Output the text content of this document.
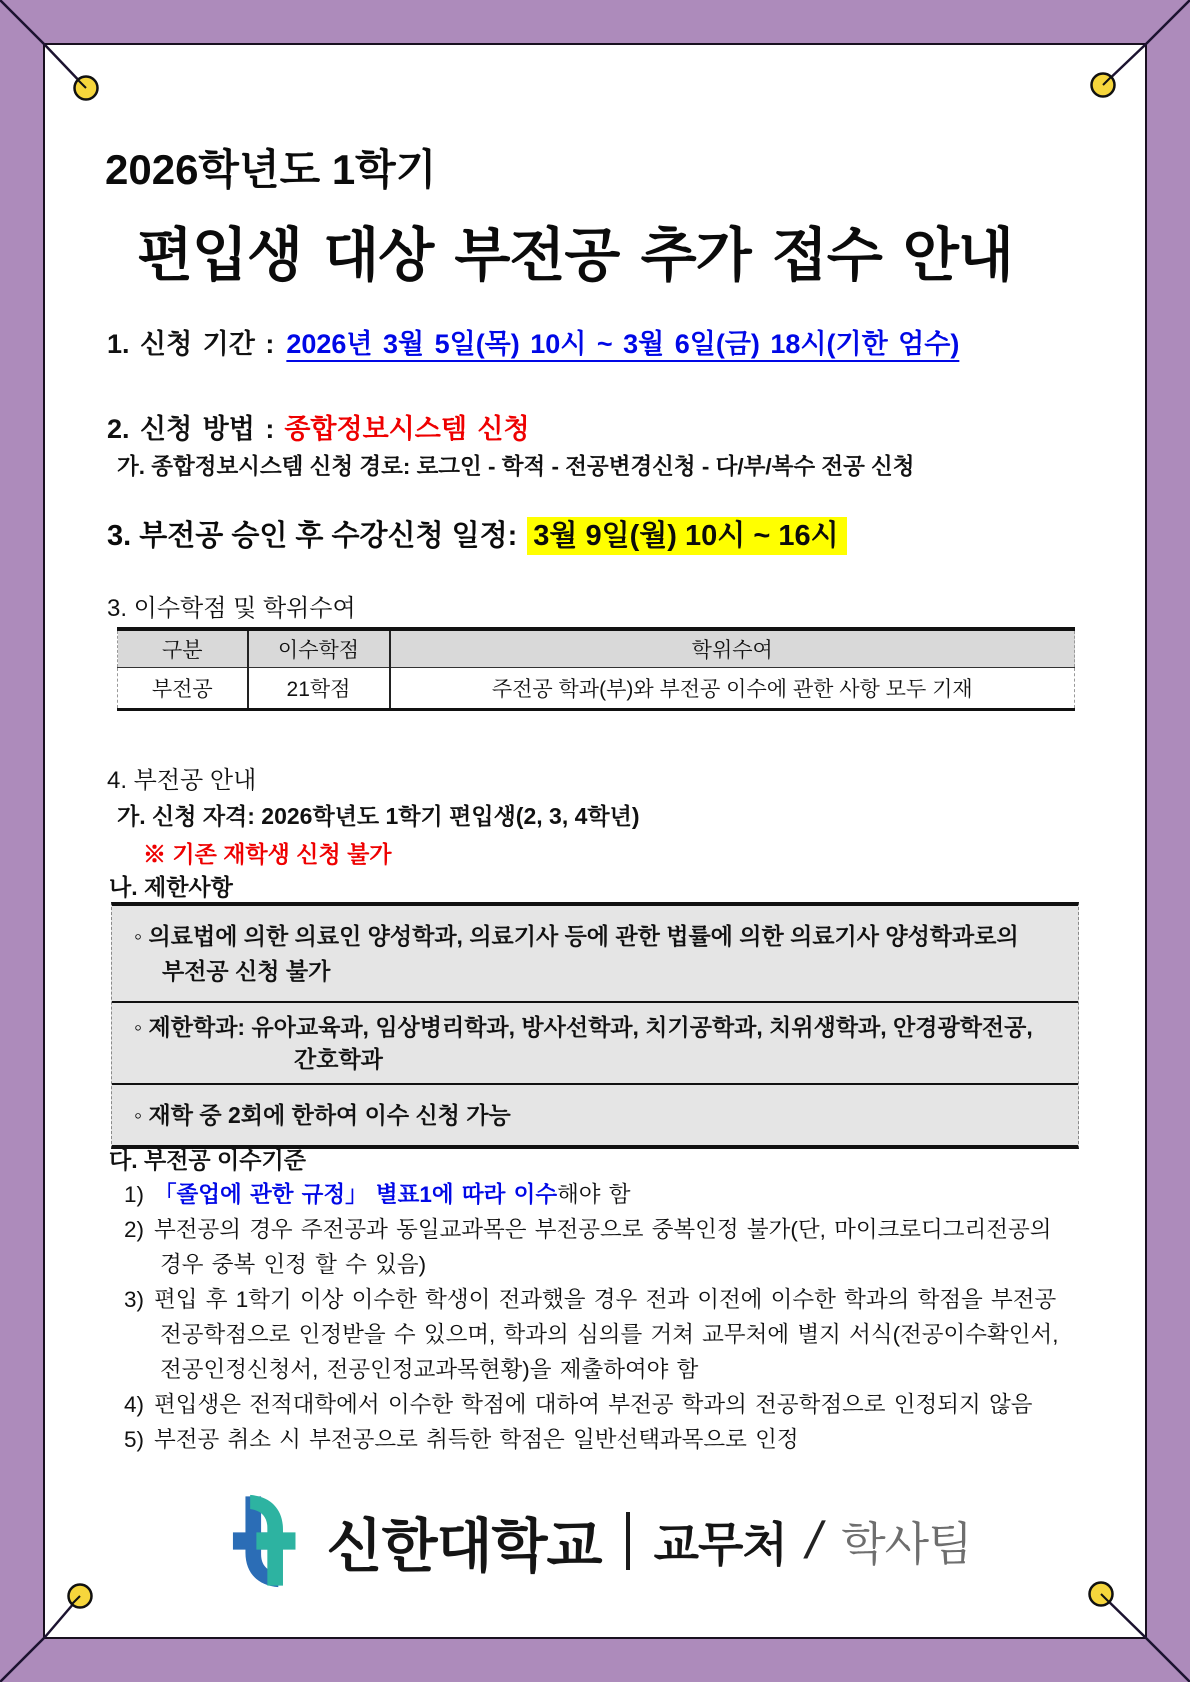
2026학년도 1학기
편입생 대상 부전공 추가 접수 안내
1. 신청 기간 : 2026년 3월 5일(목) 10시 ~ 3월 6일(금) 18시(기한 엄수)
2. 신청 방법 : 종합정보시스템 신청
가. 종합정보시스템 신청 경로: 로그인 - 학적 - 전공변경신청 - 다/부/복수 전공 신청
3. 부전공 승인 후 수강신청 일정: 3월 9일(월) 10시 ~ 16시
3. 이수학점 및 학위수여
구분	이수학점	학위수여
부전공	21학점	주전공 학과(부)와 부전공 이수에 관한 사항 모두 기재
4. 부전공 안내
가. 신청 자격: 2026학년도 1학기 편입생(2, 3, 4학년)
※ 기존 재학생 신청 불가
나. 제한사항
◦ 의료법에 의한 의료인 양성학과, 의료기사 등에 관한 법률에 의한 의료기사 양성학과로의
부전공 신청 불가
◦ 제한학과: 유아교육과, 임상병리학과, 방사선학과, 치기공학과, 치위생학과, 안경광학전공,
간호학과
◦ 재학 중 2회에 한하여 이수 신청 가능
다. 부전공 이수기준
1) 「졸업에 관한 규정」 별표1에 따라 이수해야 함
2) 부전공의 경우 주전공과 동일교과목은 부전공으로 중복인정 불가(단, 마이크로디그리전공의 경우 중복 인정 할 수 있음)
3) 편입 후 1학기 이상 이수한 학생이 전과했을 경우 전과 이전에 이수한 학과의 학점을 부전공 전공학점으로 인정받을 수 있으며, 학과의 심의를 거쳐 교무처에 별지 서식(전공이수확인서, 전공인정신청서, 전공인정교과목현황)을 제출하여야 함
4) 편입생은 전적대학에서 이수한 학점에 대하여 부전공 학과의 전공학점으로 인정되지 않음
5) 부전공 취소 시 부전공으로 취득한 학점은 일반선택과목으로 인정
신한대학교 교무처 / 학사팀
